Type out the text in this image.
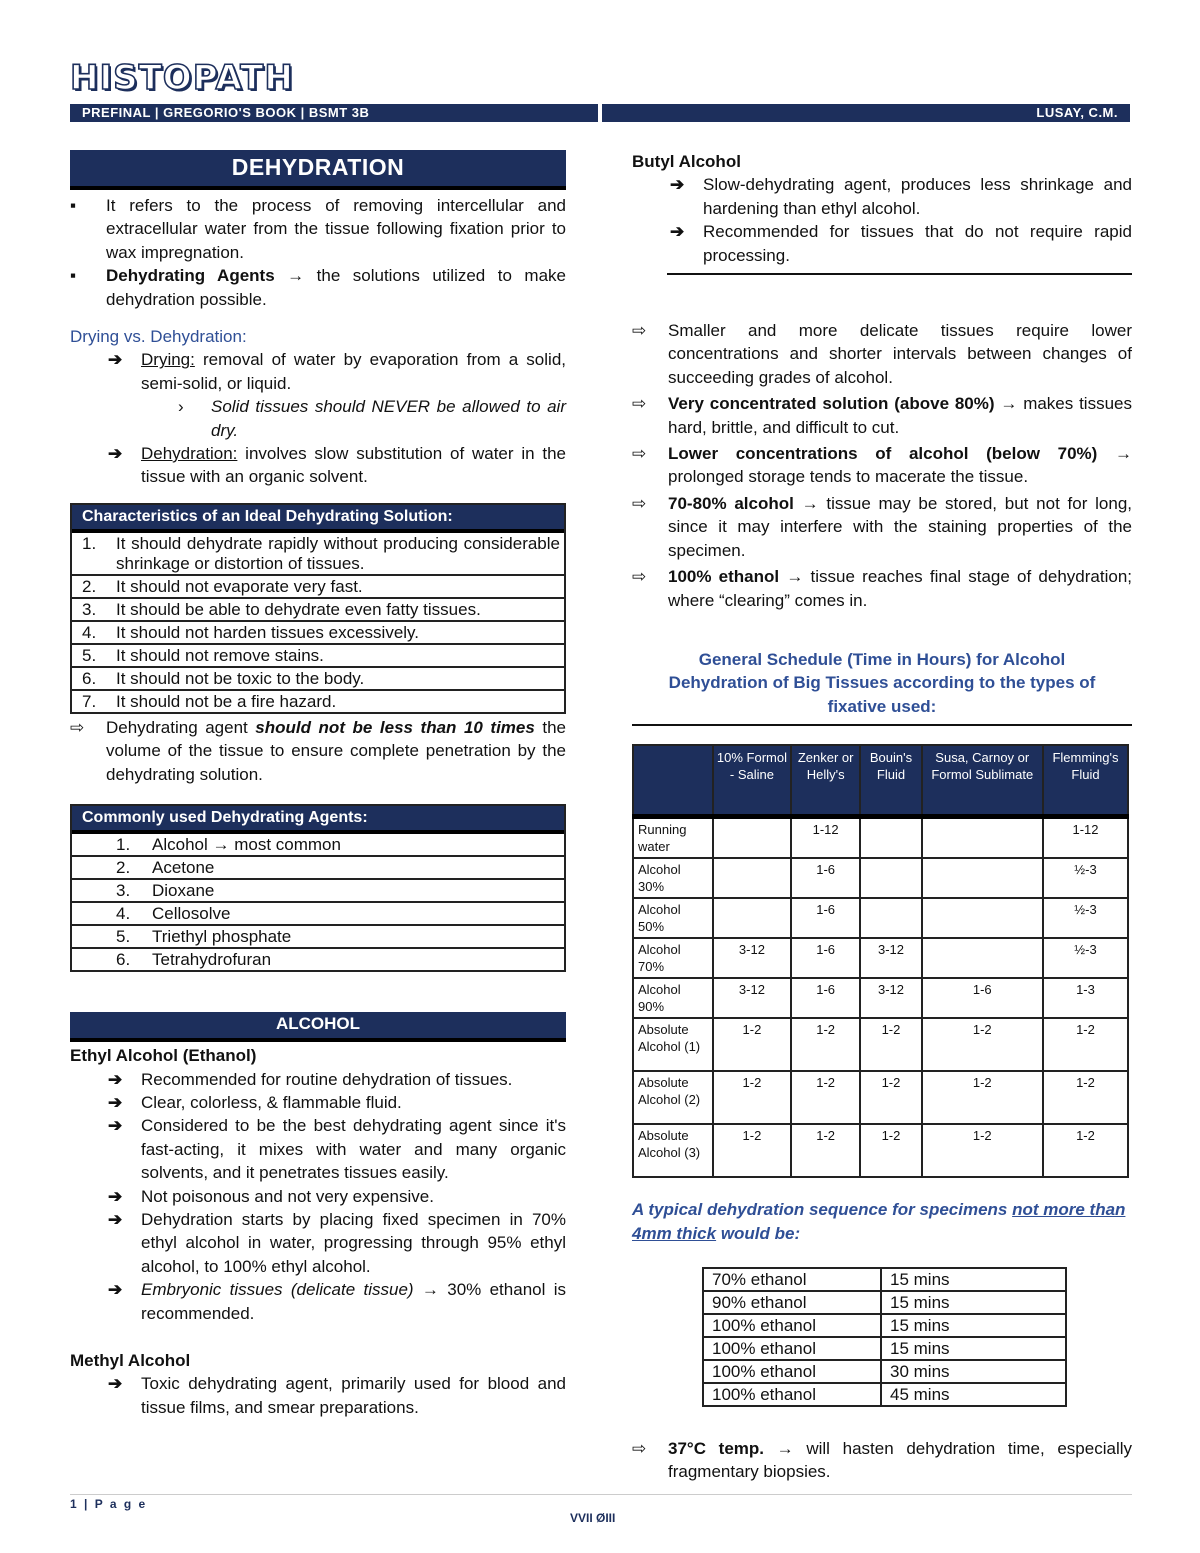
HISTOPATH
PREFINAL | GREGORIO'S BOOK | BSMT 3B	LUSAY, C.M.
DEHYDRATION
▪ It refers to the process of removing intercellular and extracellular water from the tissue following fixation prior to wax impregnation.
▪ Dehydrating Agents → the solutions utilized to make dehydration possible.
Drying vs. Dehydration:
➔ Drying: removal of water by evaporation from a solid, semi-solid, or liquid.
› Solid tissues should NEVER be allowed to air dry.
➔ Dehydration: involves slow substitution of water in the tissue with an organic solvent.
Characteristics of an Ideal Dehydrating Solution:
1. It should dehydrate rapidly without producing considerable shrinkage or distortion of tissues.
2. It should not evaporate very fast.
3. It should be able to dehydrate even fatty tissues.
4. It should not harden tissues excessively.
5. It should not remove stains.
6. It should not be toxic to the body.
7. It should not be a fire hazard.
⇨ Dehydrating agent should not be less than 10 times the volume of the tissue to ensure complete penetration by the dehydrating solution.
Commonly used Dehydrating Agents:
1. Alcohol → most common
2. Acetone
3. Dioxane
4. Cellosolve
5. Triethyl phosphate
6. Tetrahydrofuran
ALCOHOL
Ethyl Alcohol (Ethanol)
➔ Recommended for routine dehydration of tissues.
➔ Clear, colorless, & flammable fluid.
➔ Considered to be the best dehydrating agent since it's fast-acting, it mixes with water and many organic solvents, and it penetrates tissues easily.
➔ Not poisonous and not very expensive.
➔ Dehydration starts by placing fixed specimen in 70% ethyl alcohol in water, progressing through 95% ethyl alcohol, to 100% ethyl alcohol.
➔ Embryonic tissues (delicate tissue) → 30% ethanol is recommended.
Methyl Alcohol
➔ Toxic dehydrating agent, primarily used for blood and tissue films, and smear preparations.
Butyl Alcohol
➔ Slow-dehydrating agent, produces less shrinkage and hardening than ethyl alcohol.
➔ Recommended for tissues that do not require rapid processing.
⇨ Smaller and more delicate tissues require lower concentrations and shorter intervals between changes of succeeding grades of alcohol.
⇨ Very concentrated solution (above 80%) → makes tissues hard, brittle, and difficult to cut.
⇨ Lower concentrations of alcohol (below 70%) → prolonged storage tends to macerate the tissue.
⇨ 70-80% alcohol → tissue may be stored, but not for long, since it may interfere with the staining properties of the specimen.
⇨ 100% ethanol → tissue reaches final stage of dehydration; where “clearing” comes in.
General Schedule (Time in Hours) for Alcohol Dehydration of Big Tissues according to the types of fixative used:
	10% Formol - Saline	Zenker or Helly's	Bouin's Fluid	Susa, Carnoy or Formol Sublimate	Flemming's Fluid
Running water		1-12			1-12
Alcohol 30%		1-6			½-3
Alcohol 50%		1-6			½-3
Alcohol 70%	3-12	1-6	3-12		½-3
Alcohol 90%	3-12	1-6	3-12	1-6	1-3
Absolute Alcohol (1)	1-2	1-2	1-2	1-2	1-2
Absolute Alcohol (2)	1-2	1-2	1-2	1-2	1-2
Absolute Alcohol (3)	1-2	1-2	1-2	1-2	1-2
A typical dehydration sequence for specimens not more than 4mm thick would be:
70% ethanol	15 mins
90% ethanol	15 mins
100% ethanol	15 mins
100% ethanol	15 mins
100% ethanol	30 mins
100% ethanol	45 mins
⇨ 37°C temp. → will hasten dehydration time, especially fragmentary biopsies.
1 | P a g e
VVII ØIII
